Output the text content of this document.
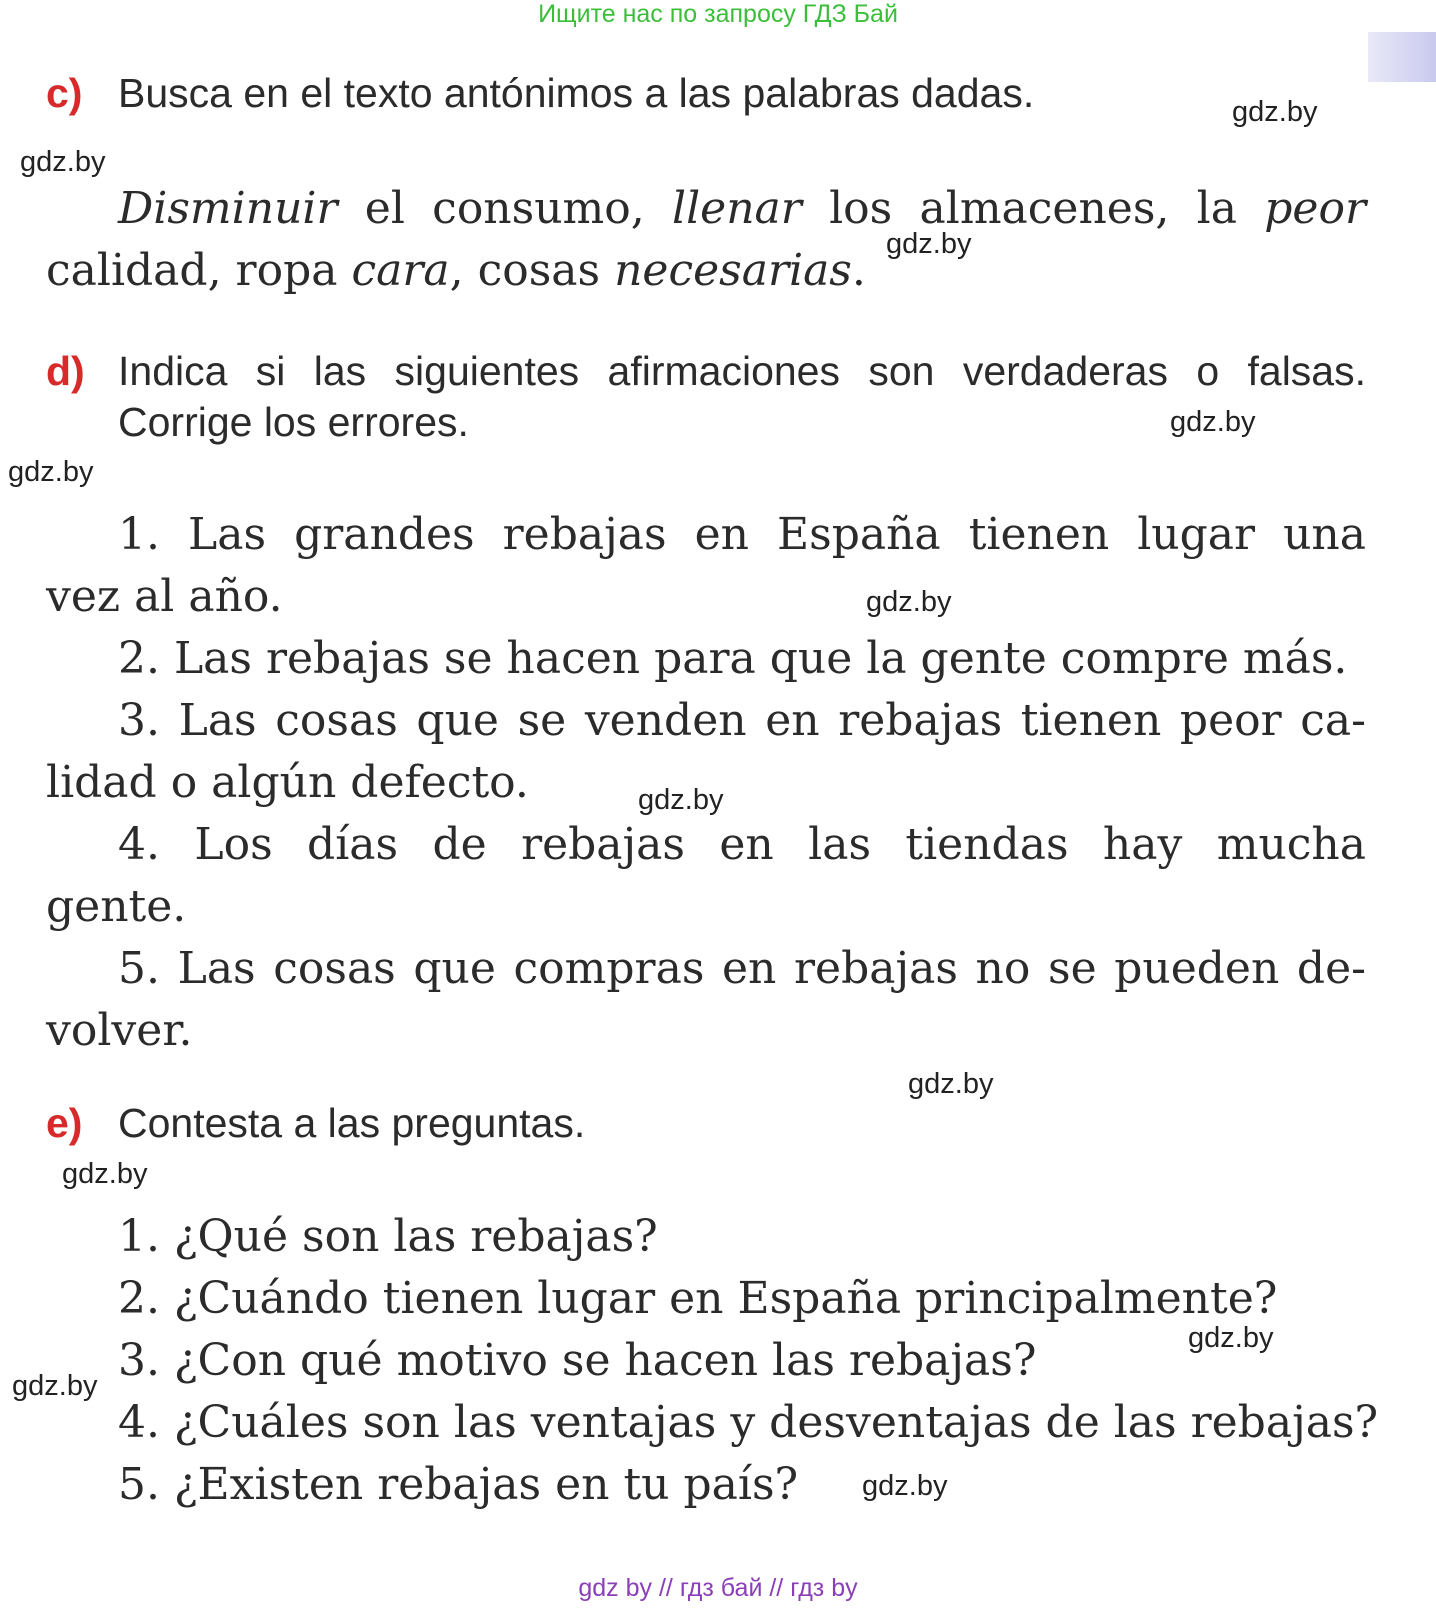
Ищите нас по запросу ГДЗ Бай
c) Busca en el texto antónimos a las palabras dadas.
Disminuir el consumo, llenar los almacenes, la peor
calidad, ropa cara, cosas necesarias.
d) Indica si las siguientes afirmaciones son verdaderas o falsas.
Corrige los errores.
1. Las grandes rebajas en España tienen lugar una
vez al año.
2. Las rebajas se hacen para que la gente compre más.
3. Las cosas que se venden en rebajas tienen peor ca-
lidad o algún defecto.
4. Los días de rebajas en las tiendas hay mucha
gente.
5. Las cosas que compras en rebajas no se pueden de-
volver.
e) Contesta a las preguntas.
1. ¿Qué son las rebajas?
2. ¿Cuándo tienen lugar en España principalmente?
3. ¿Con qué motivo se hacen las rebajas?
4. ¿Cuáles son las ventajas y desventajas de las rebajas?
5. ¿Existen rebajas en tu país?
gdz.by
gdz.by
gdz.by
gdz.by
gdz.by
gdz.by
gdz.by
gdz.by
gdz.by
gdz.by
gdz.by
gdz.by
gdz by // гдз бай // гдз by
